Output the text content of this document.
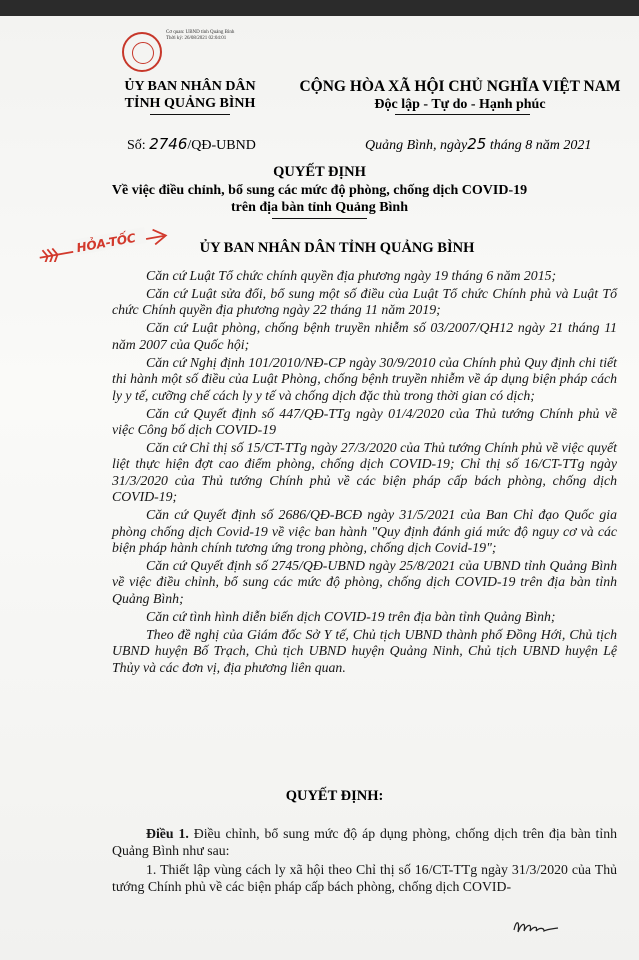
Cơ quan: UBND tỉnh Quảng Bình
Thời ký: 26/08/2021 02:04:01
ỦY BAN NHÂN DÂN
TỈNH QUẢNG BÌNH
CỘNG HÒA XÃ HỘI CHỦ NGHĨA VIỆT NAM
Độc lập - Tự do - Hạnh phúc
Số: 2746/QĐ-UBND	Quảng Bình, ngày25 tháng 8 năm 2021
QUYẾT ĐỊNH
Về việc điều chỉnh, bổ sung các mức độ phòng, chống dịch COVID-19
trên địa bàn tỉnh Quảng Bình
HỎA-TỐC	ỦY BAN NHÂN DÂN TỈNH QUẢNG BÌNH

Căn cứ Luật Tổ chức chính quyền địa phương ngày 19 tháng 6 năm 2015;

Căn cứ Luật sửa đổi, bổ sung một số điều của Luật Tổ chức Chính phủ và Luật Tổ chức Chính quyền địa phương ngày 22 tháng 11 năm 2019;

Căn cứ Luật phòng, chống bệnh truyền nhiễm số 03/2007/QH12 ngày 21 tháng 11 năm 2007 của Quốc hội;

Căn cứ Nghị định 101/2010/NĐ-CP ngày 30/9/2010 của Chính phủ Quy định chi tiết thi hành một số điều của Luật Phòng, chống bệnh truyền nhiễm về áp dụng biện pháp cách ly y tế, cưỡng chế cách ly y tế và chống dịch đặc thù trong thời gian có dịch;

Căn cứ Quyết định số 447/QĐ-TTg ngày 01/4/2020 của Thủ tướng Chính phủ về việc Công bố dịch COVID-19

Căn cứ Chỉ thị số 15/CT-TTg ngày 27/3/2020 của Thủ tướng Chính phủ về việc quyết liệt thực hiện đợt cao điểm phòng, chống dịch COVID-19; Chỉ thị số 16/CT-TTg ngày 31/3/2020 của Thủ tướng Chính phủ về các biện pháp cấp bách phòng, chống dịch COVID-19;

Căn cứ Quyết định số 2686/QĐ-BCĐ ngày 31/5/2021 của Ban Chỉ đạo Quốc gia phòng chống dịch Covid-19 về việc ban hành "Quy định đánh giá mức độ nguy cơ và các biện pháp hành chính tương ứng trong phòng, chống dịch Covid-19";

Căn cứ Quyết định số 2745/QĐ-UBND ngày 25/8/2021 của UBND tỉnh Quảng Bình về việc điều chỉnh, bổ sung các mức độ phòng, chống dịch COVID-19 trên địa bàn tỉnh Quảng Bình;

Căn cứ tình hình diễn biến dịch COVID-19 trên địa bàn tỉnh Quảng Bình;

Theo đề nghị của Giám đốc Sở Y tế, Chủ tịch UBND thành phố Đồng Hới, Chủ tịch UBND huyện Bố Trạch, Chủ tịch UBND huyện Quảng Ninh, Chủ tịch UBND huyện Lệ Thủy và các đơn vị, địa phương liên quan.

QUYẾT ĐỊNH:

Điều 1. Điều chỉnh, bổ sung mức độ áp dụng phòng, chống dịch trên địa bàn tỉnh Quảng Bình như sau:

1. Thiết lập vùng cách ly xã hội theo Chỉ thị số 16/CT-TTg ngày 31/3/2020 của Thủ tướng Chính phủ về các biện pháp cấp bách phòng, chống dịch COVID-
